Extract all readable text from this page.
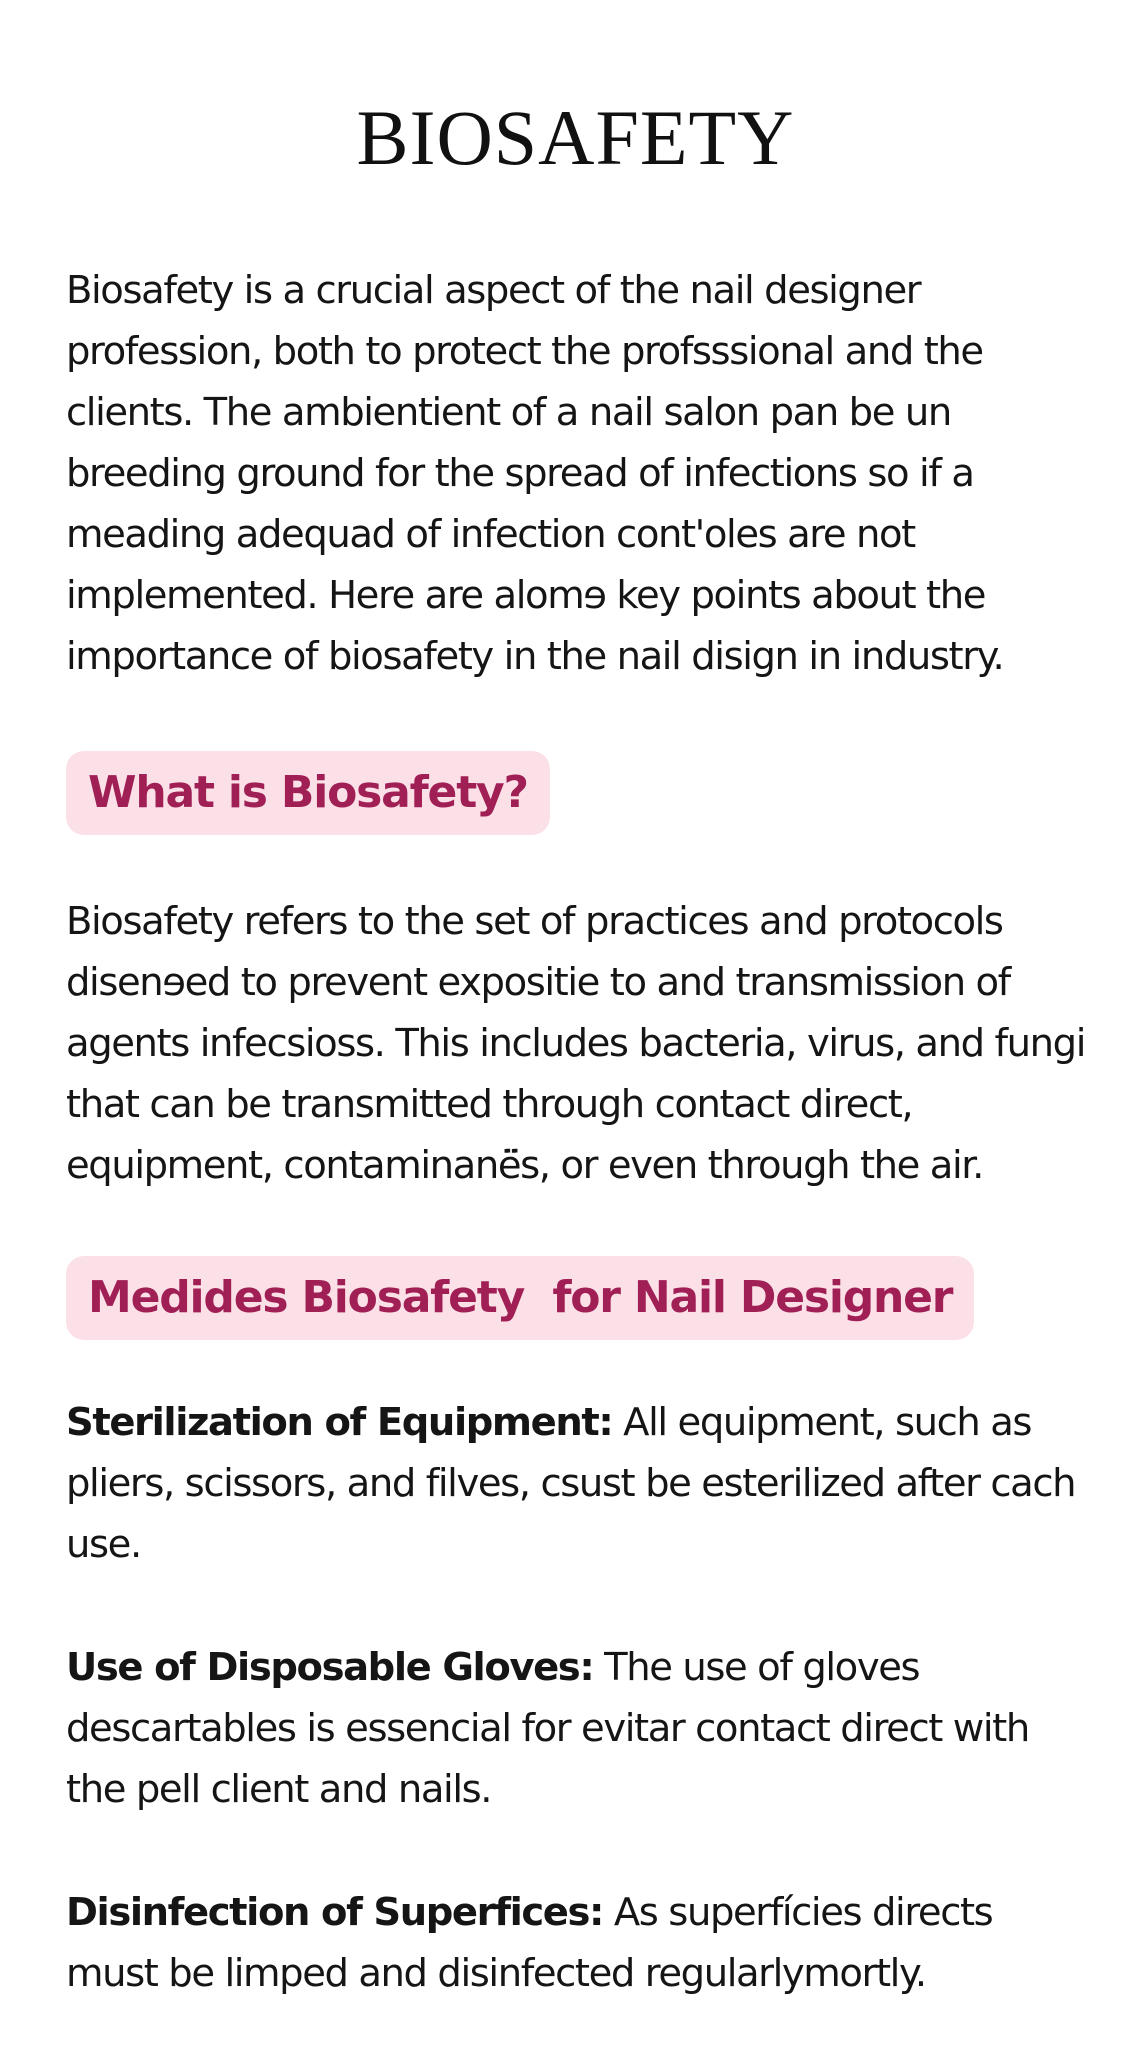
BIOSAFETY

Biosafety is a crucial aspect of the nail designer profession, both to protect the profsssional and the clients. The ambientient of a nail salon pan be un breeding ground for the spread of infections so if a meading adequad of infection cont'oles are not implemented. Here are alomɘ key points about the importance of biosafety in the nail disign in industry.

What is Biosafety?

Biosafety refers to the set of practices and protocols disenɘed to prevent expositie to and transmission of agents infecsioss. This includes bacteria, virus, and fungi that can be transmitted through contact direct, equipment, contaminanë̈s, or even through the air.

Medides Biosafety  for Nail Designer

Sterilization of Equipment: All equipment, such as pliers, scissors, and filves, csust be esterilized after cach use.

Use of Disposable Gloves: The use of gloves descartables is essencial for evitar contact direct with the pell client and nails.

Disinfection of Superfices: As superfícies directs must be limped and disinfected regularlymortly.
